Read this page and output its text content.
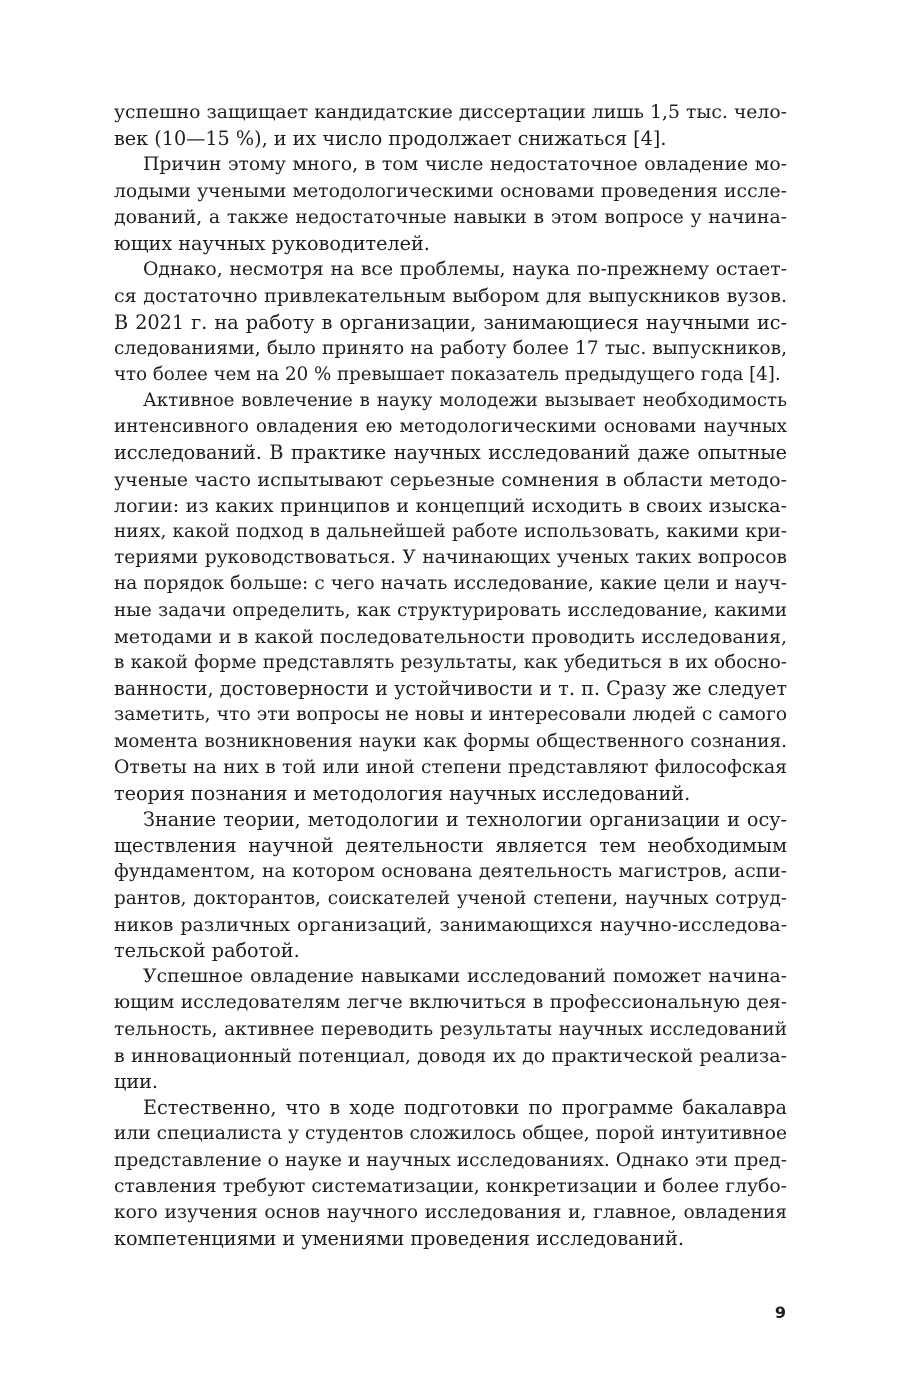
успешно защищает кандидатские диссертации лишь 1,5 тыс. чело-
век (10—15 %), и их число продолжает снижаться [4].
Причин этому много, в том числе недостаточное овладение мо-
лодыми учеными методологическими основами проведения иссле-
дований, а также недостаточные навыки в этом вопросе у начина-
ющих научных руководителей.
Однако, несмотря на все проблемы, наука по-прежнему остает-
ся достаточно привлекательным выбором для выпускников вузов.
В 2021 г. на работу в организации, занимающиеся научными ис-
следованиями, было принято на работу более 17 тыс. выпускников,
что более чем на 20 % превышает показатель предыдущего года [4].
Активное вовлечение в науку молодежи вызывает необходимость
интенсивного овладения ею методологическими основами научных
исследований. В практике научных исследований даже опытные
ученые часто испытывают серьезные сомнения в области методо-
логии: из каких принципов и концепций исходить в своих изыска-
ниях, какой подход в дальнейшей работе использовать, какими кри-
териями руководствоваться. У начинающих ученых таких вопросов
на порядок больше: с чего начать исследование, какие цели и науч-
ные задачи определить, как структурировать исследование, какими
методами и в какой последовательности проводить исследования,
в какой форме представлять результаты, как убедиться в их обосно-
ванности, достоверности и устойчивости и т. п. Сразу же следует
заметить, что эти вопросы не новы и интересовали людей с самого
момента возникновения науки как формы общественного сознания.
Ответы на них в той или иной степени представляют философская
теория познания и методология научных исследований.
Знание теории, методологии и технологии организации и осу-
ществления научной деятельности является тем необходимым
фундаментом, на котором основана деятельность магистров, аспи-
рантов, докторантов, соискателей ученой степени, научных сотруд-
ников различных организаций, занимающихся научно-исследова-
тельской работой.
Успешное овладение навыками исследований поможет начина-
ющим исследователям легче включиться в профессиональную дея-
тельность, активнее переводить результаты научных исследований
в инновационный потенциал, доводя их до практической реализа-
ции.
Естественно, что в ходе подготовки по программе бакалавра
или специалиста у студентов сложилось общее, порой интуитивное
представление о науке и научных исследованиях. Однако эти пред-
ставления требуют систематизации, конкретизации и более глубо-
кого изучения основ научного исследования и, главное, овладения
компетенциями и умениями проведения исследований.
9
